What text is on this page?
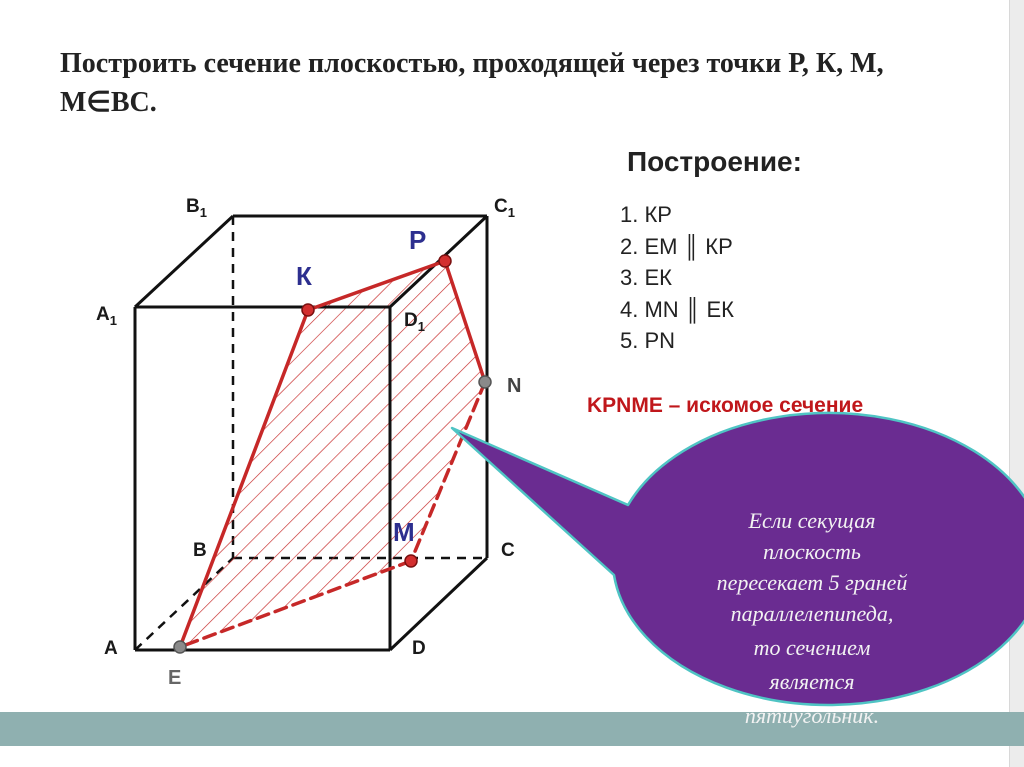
Построить сечение плоскостью, проходящей через точки Р, К, М, М∈ВС.
Построение:
1. КР
2. ЕМ ║ КР
3. ЕК
4. MN ║ ЕК
5. PN
KPNME – искомое сечение
$B_1$	$C_1$
$A_1$	$D_1$
B	C
A	D
P
К
M
N
E
Если секущая
плоскость
пересекает 5 граней
параллелепипеда,
то сечением
является
пятиугольник.
